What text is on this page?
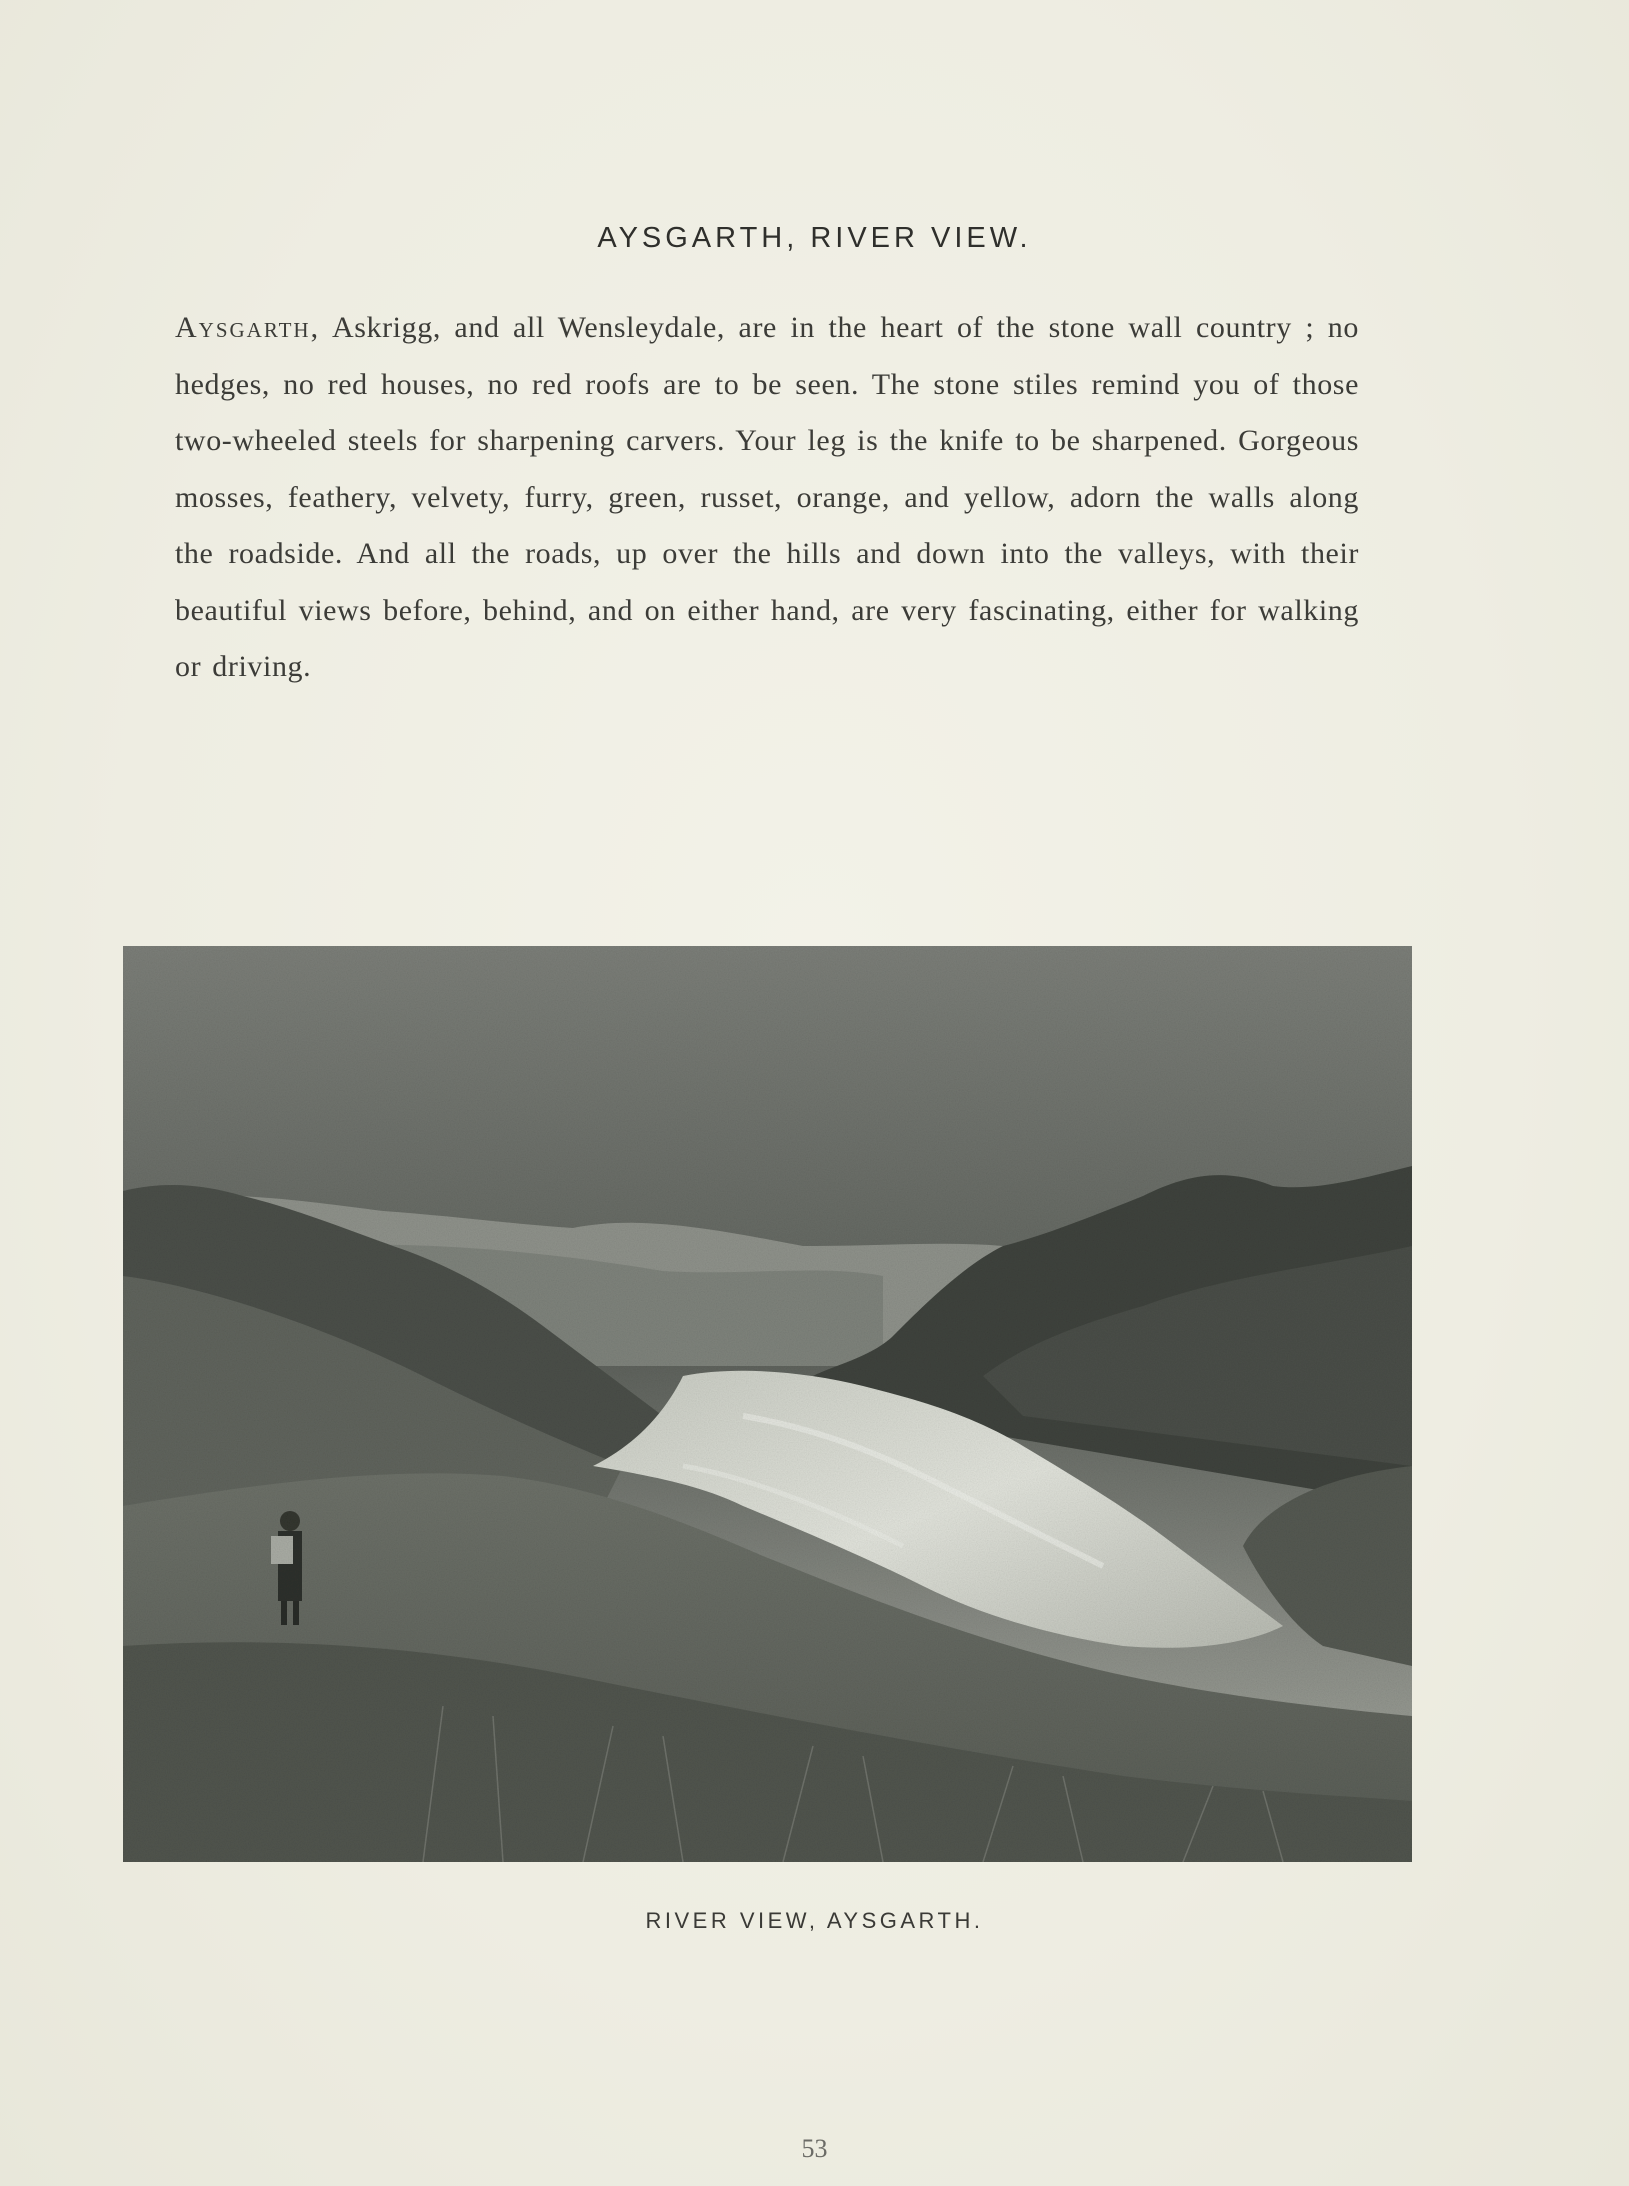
AYSGARTH, RIVER VIEW.
Aysgarth, Askrigg, and all Wensleydale, are in the heart of the stone wall country ; no hedges, no red houses, no red roofs are to be seen. The stone stiles remind you of those two-wheeled steels for sharpening carvers. Your leg is the knife to be sharpened. Gorgeous mosses, feathery, velvety, furry, green, russet, orange, and yellow, adorn the walls along the roadside. And all the roads, up over the hills and down into the valleys, with their beautiful views before, behind, and on either hand, are very fascinating, either for walking or driving.
RIVER VIEW, AYSGARTH.
53
